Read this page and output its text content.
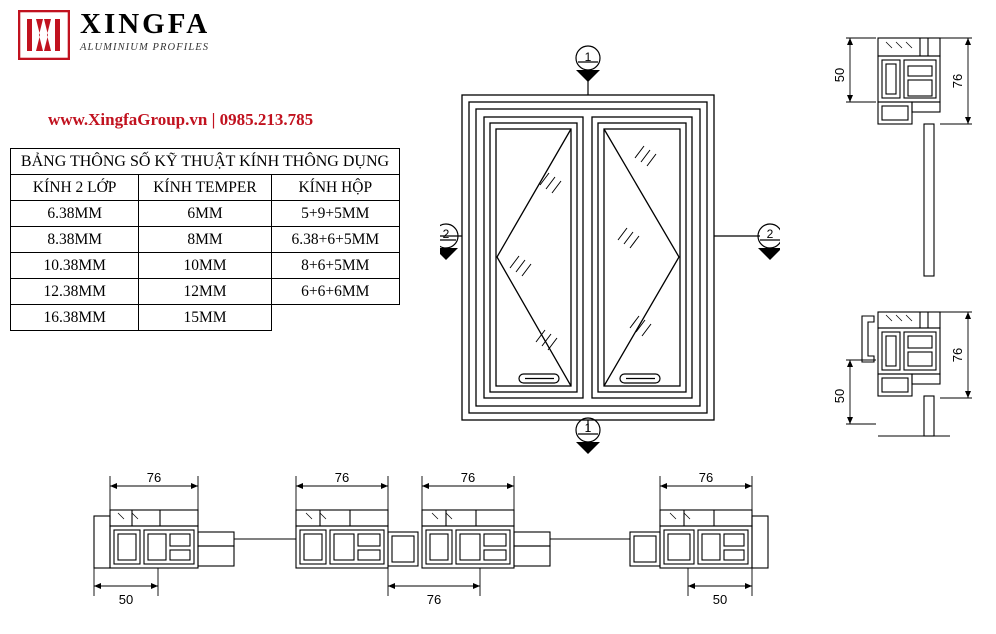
XINGFA
ALUMINIUM PROFILES
www.XingfaGroup.vn | 0985.213.785
BẢNG THÔNG SỐ KỸ THUẬT KÍNH THÔNG DỤNG		
KÍNH 2 LỚP	KÍNH TEMPER	KÍNH HỘP
6.38MM	6MM	5+9+5MM
8.38MM	8MM	6.38+6+5MM
10.38MM	10MM	8+6+5MM
12.38MM	12MM	6+6+6MM
16.38MM	15MM	
1
1
2	2
50	76
50
76
76	76	76	76
50	76	50
